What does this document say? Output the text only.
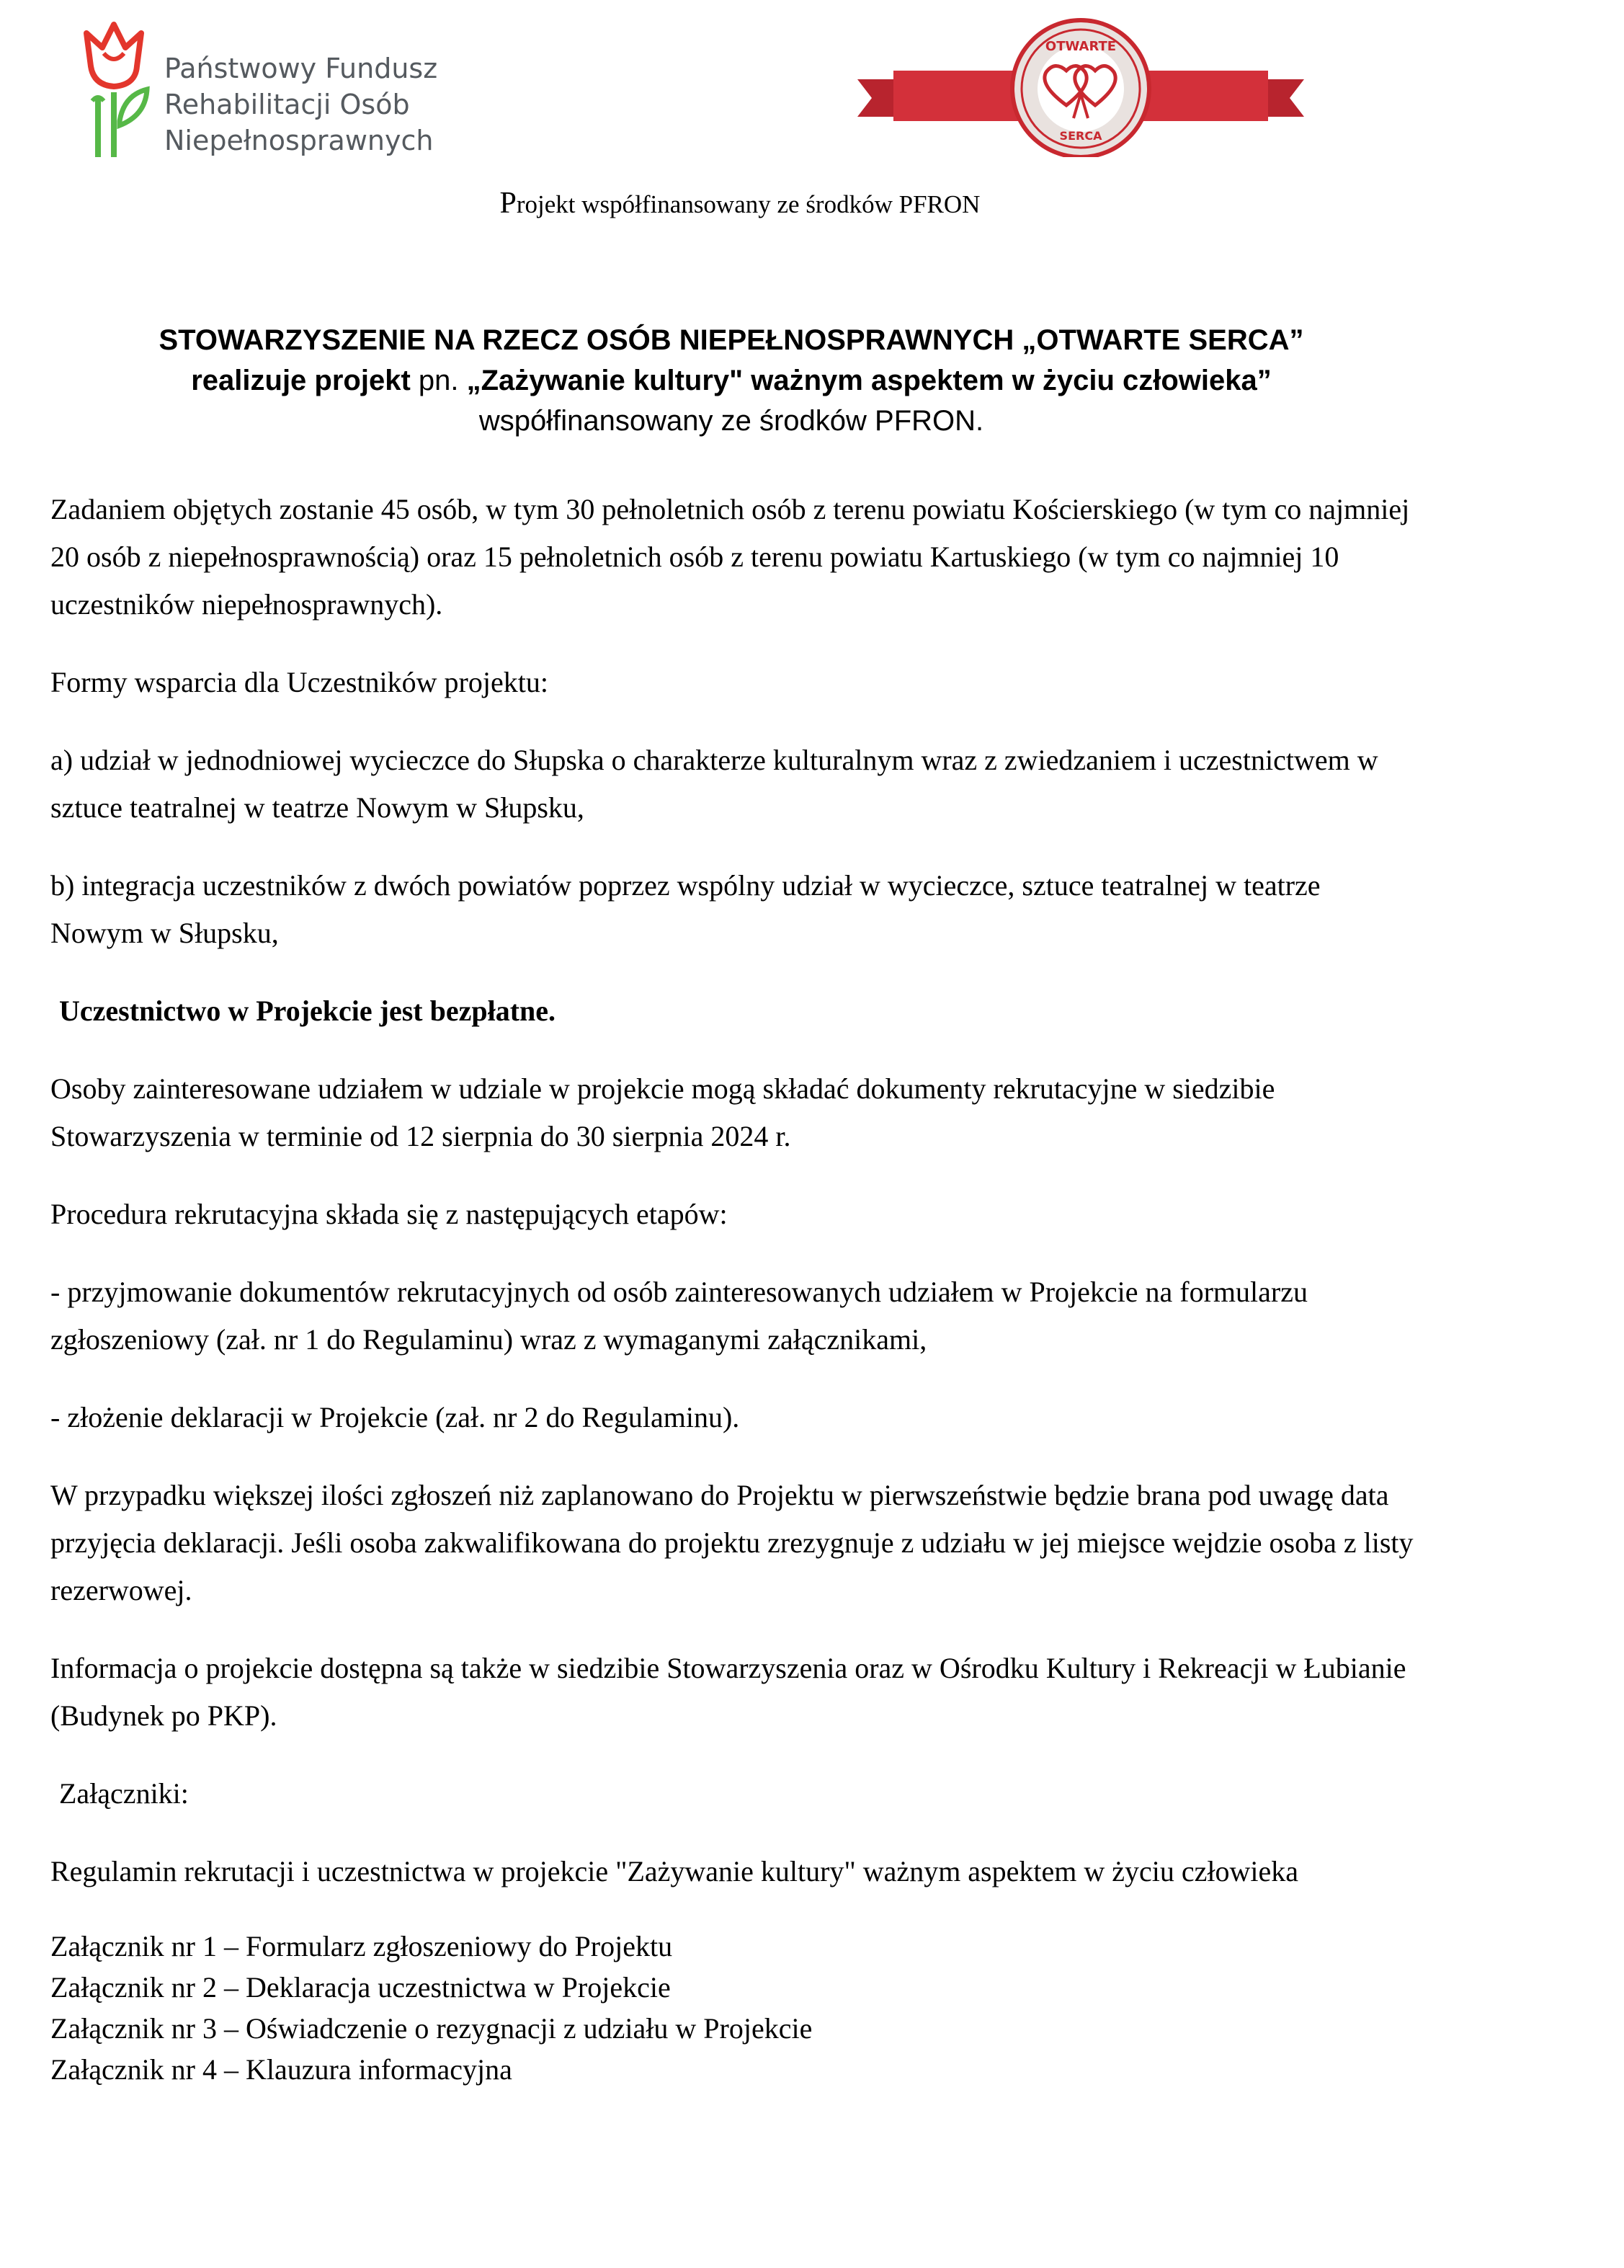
Państwowy Fundusz
Rehabilitacji Osób
Niepełnosprawnych
OTWARTE
SERCA
Projekt współfinansowany ze środków PFRON
STOWARZYSZENIE NA RZECZ OSÓB NIEPEŁNOSPRAWNYCH „OTWARTE SERCA”
realizuje projekt pn. „Zażywanie kultury" ważnym aspektem w życiu człowieka”
współfinansowany ze środków PFRON.

Zadaniem objętych zostanie 45 osób, w tym 30 pełnoletnich osób z terenu powiatu Kościerskiego (w tym co najmniej 20 osób z niepełnosprawnością) oraz 15 pełnoletnich osób z terenu powiatu Kartuskiego (w tym co najmniej 10 uczestników niepełnosprawnych).

Formy wsparcia dla Uczestników projektu:

a) udział w jednodniowej wycieczce do Słupska o charakterze kulturalnym wraz z zwiedzaniem i uczestnictwem w sztuce teatralnej w teatrze Nowym w Słupsku,

b) integracja uczestników z dwóch powiatów poprzez wspólny udział w wycieczce, sztuce teatralnej w teatrze Nowym w Słupsku,

Uczestnictwo w Projekcie jest bezpłatne.

Osoby zainteresowane udziałem w udziale w projekcie mogą składać dokumenty rekrutacyjne w siedzibie Stowarzyszenia w terminie od 12 sierpnia do 30 sierpnia 2024 r.

Procedura rekrutacyjna składa się z następujących etapów:

- przyjmowanie dokumentów rekrutacyjnych od osób zainteresowanych udziałem w Projekcie na formularzu zgłoszeniowy (zał. nr 1 do Regulaminu) wraz z wymaganymi załącznikami,

- złożenie deklaracji w Projekcie (zał. nr 2 do Regulaminu).

W przypadku większej ilości zgłoszeń niż zaplanowano do Projektu w pierwszeństwie będzie brana pod uwagę data przyjęcia deklaracji. Jeśli osoba zakwalifikowana do projektu zrezygnuje z udziału w jej miejsce wejdzie osoba z listy rezerwowej.

Informacja o projekcie dostępna są także w siedzibie Stowarzyszenia oraz w Ośrodku Kultury i Rekreacji w Łubianie (Budynek po PKP).

Załączniki:

Regulamin rekrutacji i uczestnictwa w projekcie "Zażywanie kultury" ważnym aspektem w życiu człowieka

Załącznik nr 1 – Formularz zgłoszeniowy do Projektu
Załącznik nr 2 – Deklaracja uczestnictwa w Projekcie
Załącznik nr 3 – Oświadczenie o rezygnacji z udziału w Projekcie
Załącznik nr 4 – Klauzura informacyjna
